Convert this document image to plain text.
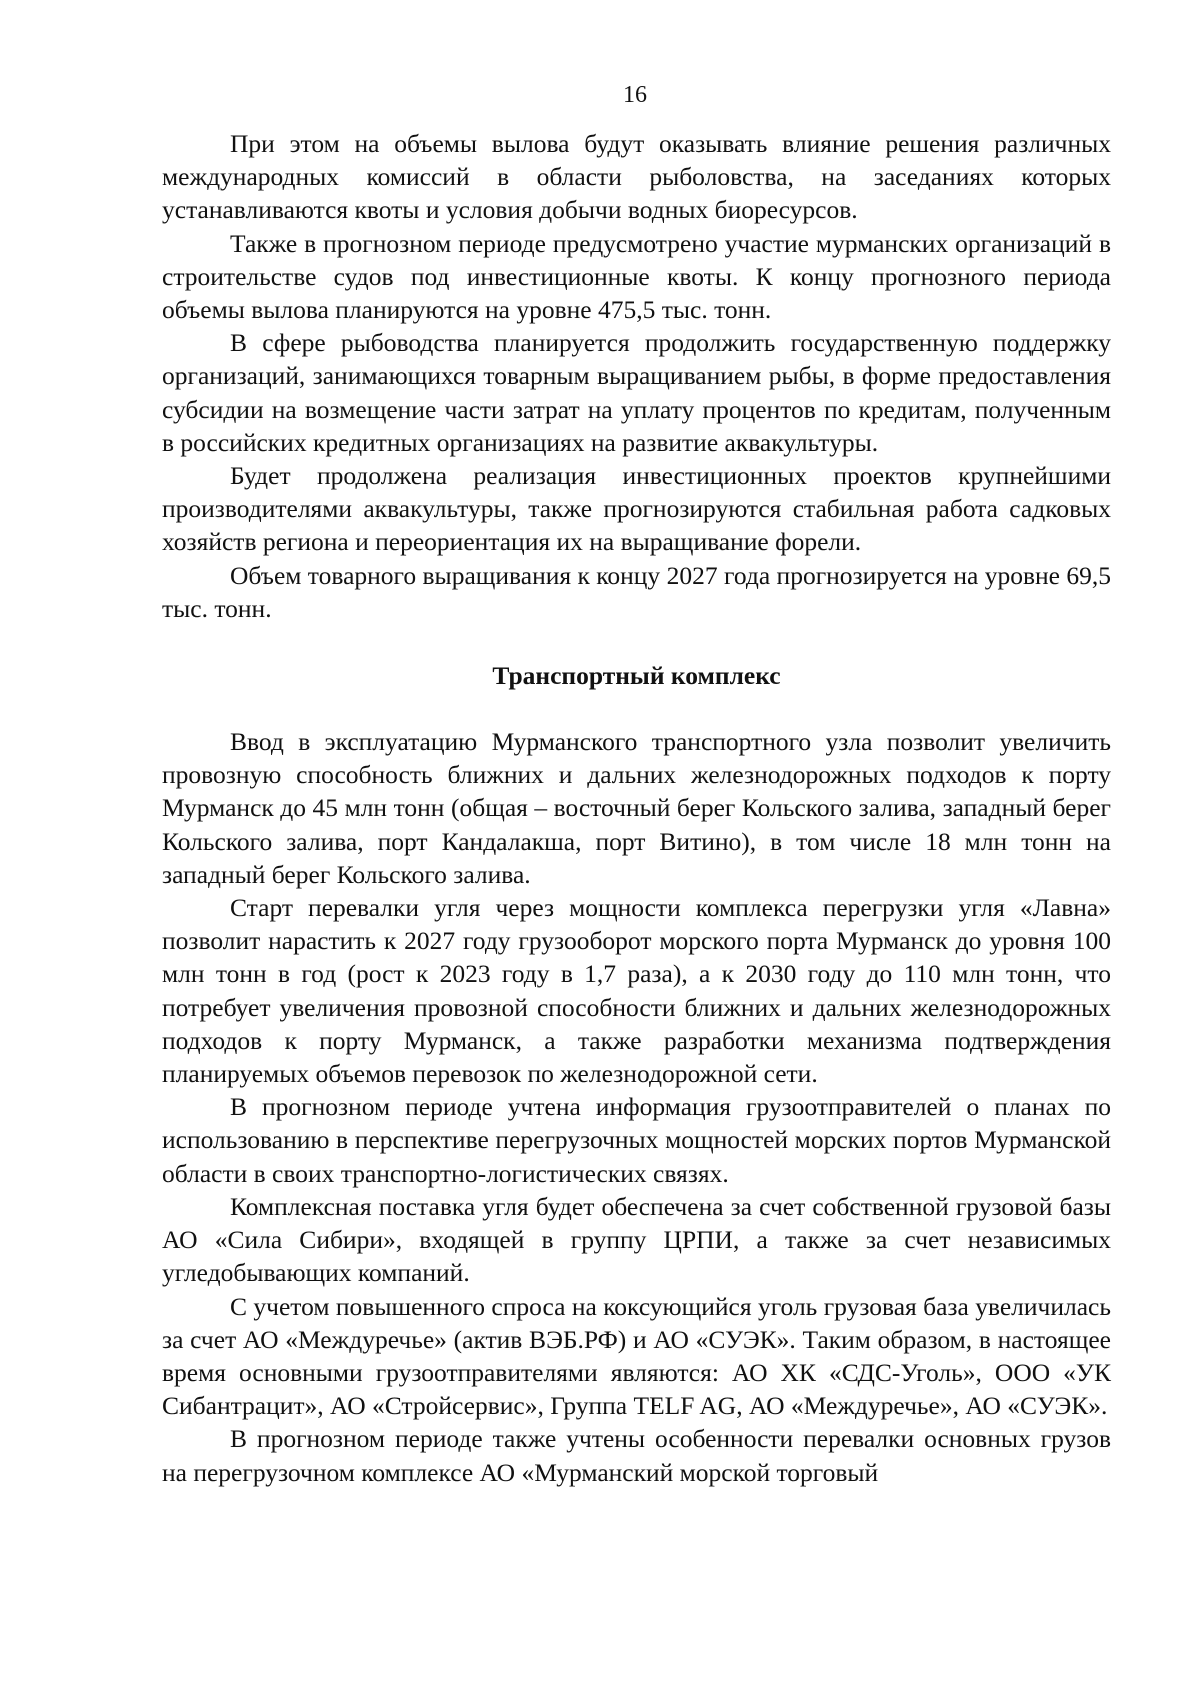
16

При этом на объемы вылова будут оказывать влияние решения различных международных комиссий в области рыболовства, на заседаниях которых устанавливаются квоты и условия добычи водных биоресурсов.

Также в прогнозном периоде предусмотрено участие мурманских организаций в строительстве судов под инвестиционные квоты. К концу прогнозного периода объемы вылова планируются на уровне 475,5 тыс. тонн.

В сфере рыбоводства планируется продолжить государственную поддержку организаций, занимающихся товарным выращиванием рыбы, в форме предоставления субсидии на возмещение части затрат на уплату процентов по кредитам, полученным в российских кредитных организациях на развитие аквакультуры.

Будет продолжена реализация инвестиционных проектов крупнейшими производителями аквакультуры, также прогнозируются стабильная работа садковых хозяйств региона и переориентация их на выращивание форели.

Объем товарного выращивания к концу 2027 года прогнозируется на уровне 69,5 тыс. тонн.

Транспортный комплекс

Ввод в эксплуатацию Мурманского транспортного узла позволит увеличить провозную способность ближних и дальних железнодорожных подходов к порту Мурманск до 45 млн тонн (общая – восточный берег Кольского залива, западный берег Кольского залива, порт Кандалакша, порт Витино), в том числе 18 млн тонн на западный берег Кольского залива.

Старт перевалки угля через мощности комплекса перегрузки угля «Лавна» позволит нарастить к 2027 году грузооборот морского порта Мурманск до уровня 100 млн тонн в год (рост к 2023 году в 1,7 раза), а к 2030 году до 110 млн тонн, что потребует увеличения провозной способности ближних и дальних железнодорожных подходов к порту Мурманск, а также разработки механизма подтверждения планируемых объемов перевозок по железнодорожной сети.

В прогнозном периоде учтена информация грузоотправителей о планах по использованию в перспективе перегрузочных мощностей морских портов Мурманской области в своих транспортно-логистических связях.

Комплексная поставка угля будет обеспечена за счет собственной грузовой базы АО «Сила Сибири», входящей в группу ЦРПИ, а также за счет независимых угледобывающих компаний.

С учетом повышенного спроса на коксующийся уголь грузовая база увеличилась за счет АО «Междуречье» (актив ВЭБ.РФ) и АО «СУЭК». Таким образом, в настоящее время основными грузоотправителями являются: АО ХК «СДС-Уголь», ООО «УК Сибантрацит», АО «Стройсервис», Группа TELF AG, АО «Междуречье», АО «СУЭК».

В прогнозном периоде также учтены особенности перевалки основных грузов на перегрузочном комплексе АО «Мурманский морской торговый
